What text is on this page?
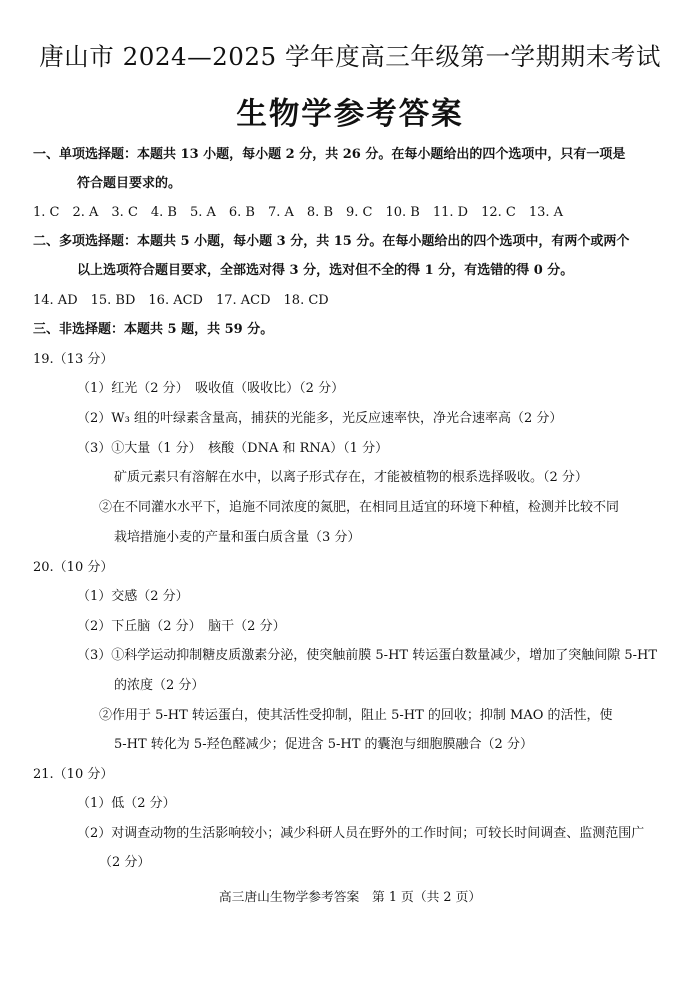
唐山市 2024—2025 学年度高三年级第一学期期末考试
生物学参考答案
一、单项选择题：本题共 13 小题，每小题 2 分，共 26 分。在每小题给出的四个选项中，只有一项是
符合题目要求的。
1. C　2. A　3. C　4. B　5. A　6. B　7. A　8. B　9. C　10. B　11. D　12. C　13. A
二、多项选择题：本题共 5 小题，每小题 3 分，共 15 分。在每小题给出的四个选项中，有两个或两个
以上选项符合题目要求，全部选对得 3 分，选对但不全的得 1 分，有选错的得 0 分。
14. AD　15. BD　16. ACD　17. ACD　18. CD
三、非选择题：本题共 5 题，共 59 分。
19.（13 分）
（1）红光（2 分）　吸收值（吸收比）（2 分）
（2）W₃ 组的叶绿素含量高，捕获的光能多，光反应速率快，净光合速率高（2 分）
（3）①大量（1 分）　核酸（DNA 和 RNA）（1 分）
矿质元素只有溶解在水中，以离子形式存在，才能被植物的根系选择吸收。（2 分）
②在不同灌水水平下，追施不同浓度的氮肥，在相同且适宜的环境下种植，检测并比较不同
栽培措施小麦的产量和蛋白质含量（3 分）
20.（10 分）
（1）交感（2 分）
（2）下丘脑（2 分）　脑干（2 分）
（3）①科学运动抑制糖皮质激素分泌，使突触前膜 5-HT 转运蛋白数量减少，增加了突触间隙 5-HT
的浓度（2 分）
②作用于 5-HT 转运蛋白，使其活性受抑制，阻止 5-HT 的回收；抑制 MAO 的活性，使
5-HT 转化为 5-羟色醛减少；促进含 5-HT 的囊泡与细胞膜融合（2 分）
21.（10 分）
（1）低（2 分）
（2）对调查动物的生活影响较小；减少科研人员在野外的工作时间；可较长时间调查、监测范围广
（2 分）
高三唐山生物学参考答案　第 1 页（共 2 页）
